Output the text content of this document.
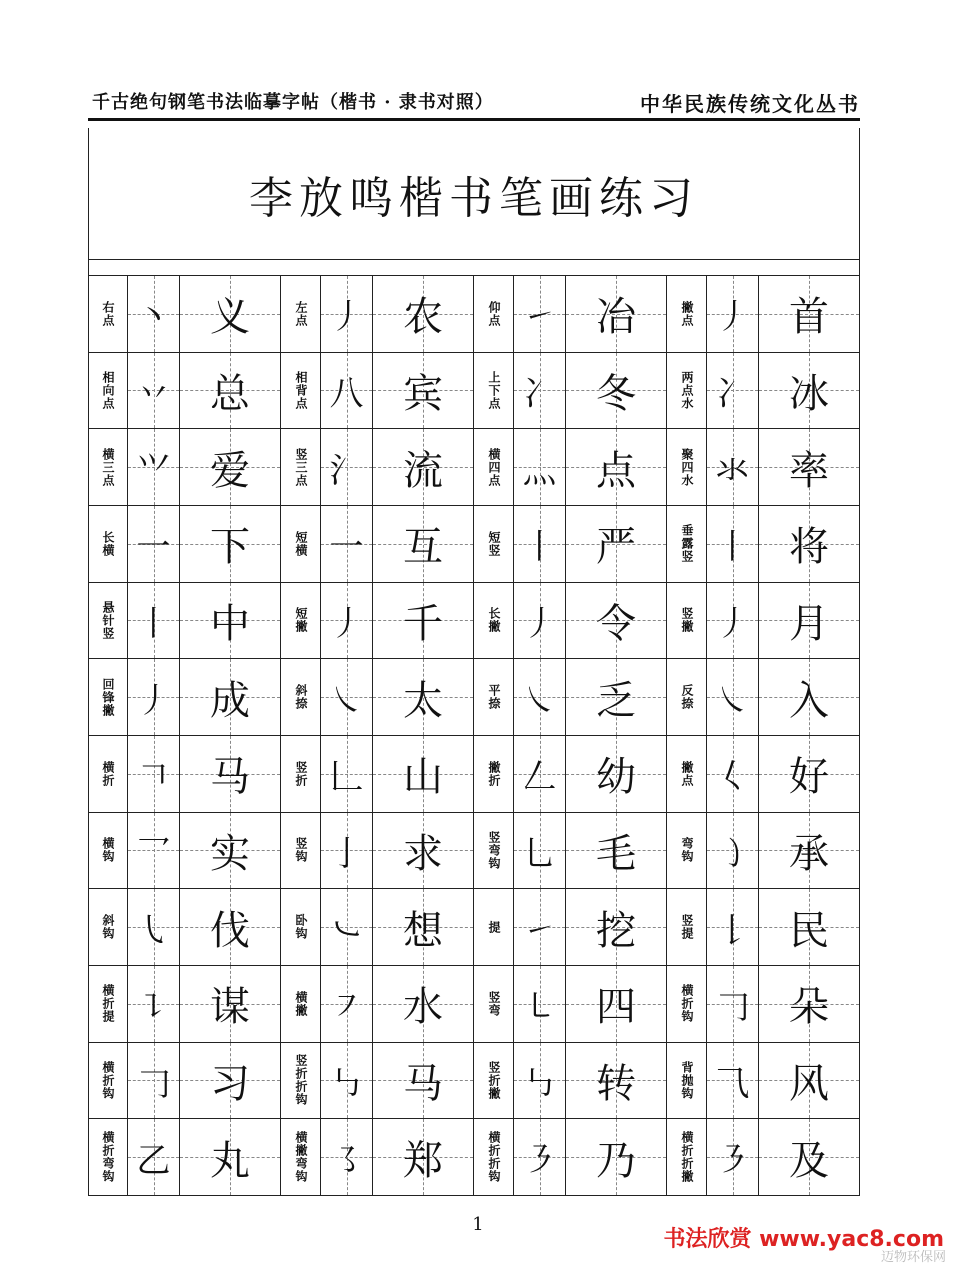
千古绝句钢笔书法临摹字帖（楷书 · 隶书对照）	中华民族传统文化丛书
李放鸣楷书笔画练习
右点 丶 义	左点 丿 农	仰点 ㇀ 冶	撇点 丿 首
相向点 丷 总	相背点 八 宾	上下点 冫 冬	两点水 冫 冰
横三点 ⺍ 爱	竖三点 氵 流	横四点 灬 点	聚四水 氺 率
长横 一 下	短横 一 互	短竖 丨 严	垂露竖 丨 将
悬针竖 丨 中	短撇 丿 千	长撇 丿 令	竖撇 丿 月
回锋撇 丿 成	斜捺 ㇏ 太	平捺 ㇏ 乏	反捺 ㇏ 入
横折 𠃍 马	竖折 𠃊 山	撇折 𠃋 幼	撇点 𡿨 好
横钩 乛 实	竖钩 亅 求	竖弯钩 乚 毛	弯钩 ㇁ 承
斜钩 ㇂ 伐	卧钩 ㇃ 想	提 ㇀ 挖	竖提 𠄌 民
横折提 ㇊ 谋	横撇 ㇇ 水	竖弯 ㇄ 四	横折钩 𠃌 朵
横折钩 𠃌 习	竖折折钩 ㇉ 马	竖折撇 ㇉ 转	背抛钩 ⺄ 风
横折弯钩 乙 丸	横撇弯钩 ㇌ 郑	横折折钩 ㇋ 乃	横折折撇 ㇋ 及
1
书法欣赏 www.yac8.com
迈物环保网
